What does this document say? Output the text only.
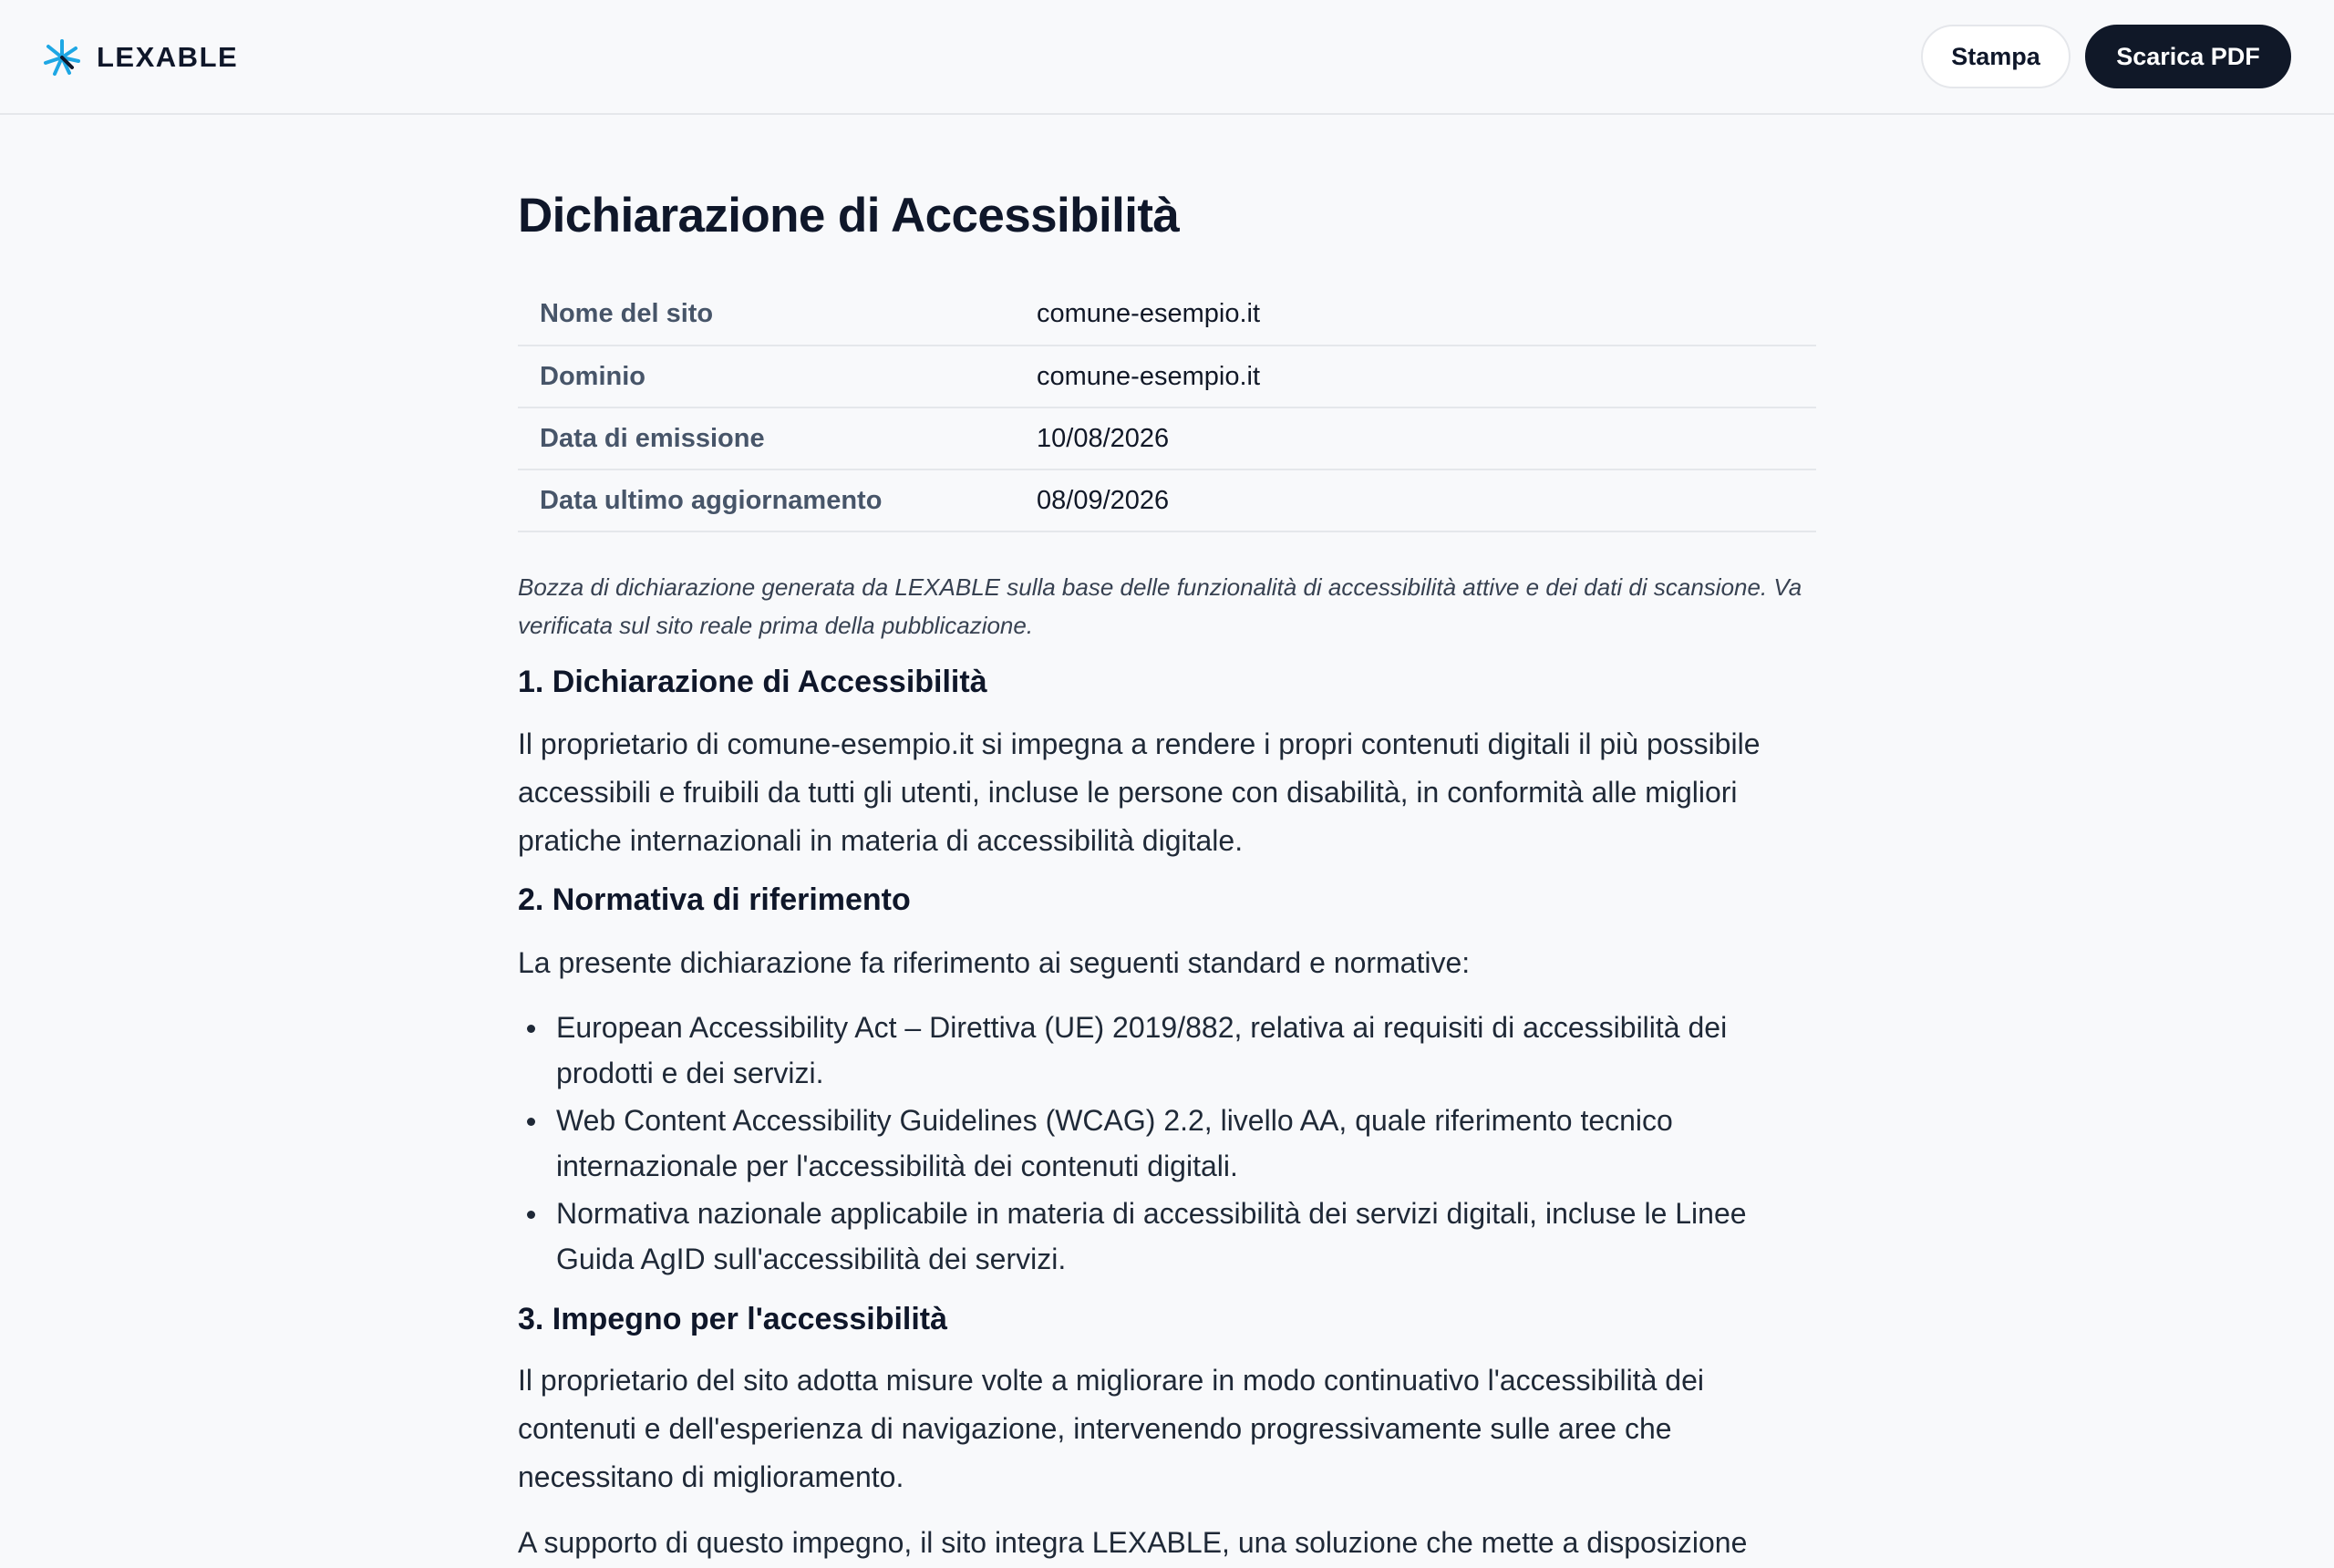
LEXABLE	Stampa	Scarica PDF
Dichiarazione di Accessibilità
Nome del sito	comune-esempio.it
Dominio	comune-esempio.it
Data di emissione	10/08/2026
Data ultimo aggiornamento	08/09/2026

Bozza di dichiarazione generata da LEXABLE sulla base delle funzionalità di accessibilità attive e dei dati di scansione. Va verificata sul sito reale prima della pubblicazione.

1. Dichiarazione di Accessibilità

Il proprietario di comune-esempio.it si impegna a rendere i propri contenuti digitali il più possibile accessibili e fruibili da tutti gli utenti, incluse le persone con disabilità, in conformità alle migliori pratiche internazionali in materia di accessibilità digitale.

2. Normativa di riferimento

La presente dichiarazione fa riferimento ai seguenti standard e normative:

European Accessibility Act – Direttiva (UE) 2019/882, relativa ai requisiti di accessibilità dei prodotti e dei servizi.
Web Content Accessibility Guidelines (WCAG) 2.2, livello AA, quale riferimento tecnico internazionale per l'accessibilità dei contenuti digitali.
Normativa nazionale applicabile in materia di accessibilità dei servizi digitali, incluse le Linee Guida AgID sull'accessibilità dei servizi.
3. Impegno per l'accessibilità

Il proprietario del sito adotta misure volte a migliorare in modo continuativo l'accessibilità dei contenuti e dell'esperienza di navigazione, intervenendo progressivamente sulle aree che necessitano di miglioramento.

A supporto di questo impegno, il sito integra LEXABLE, una soluzione che mette a disposizione
